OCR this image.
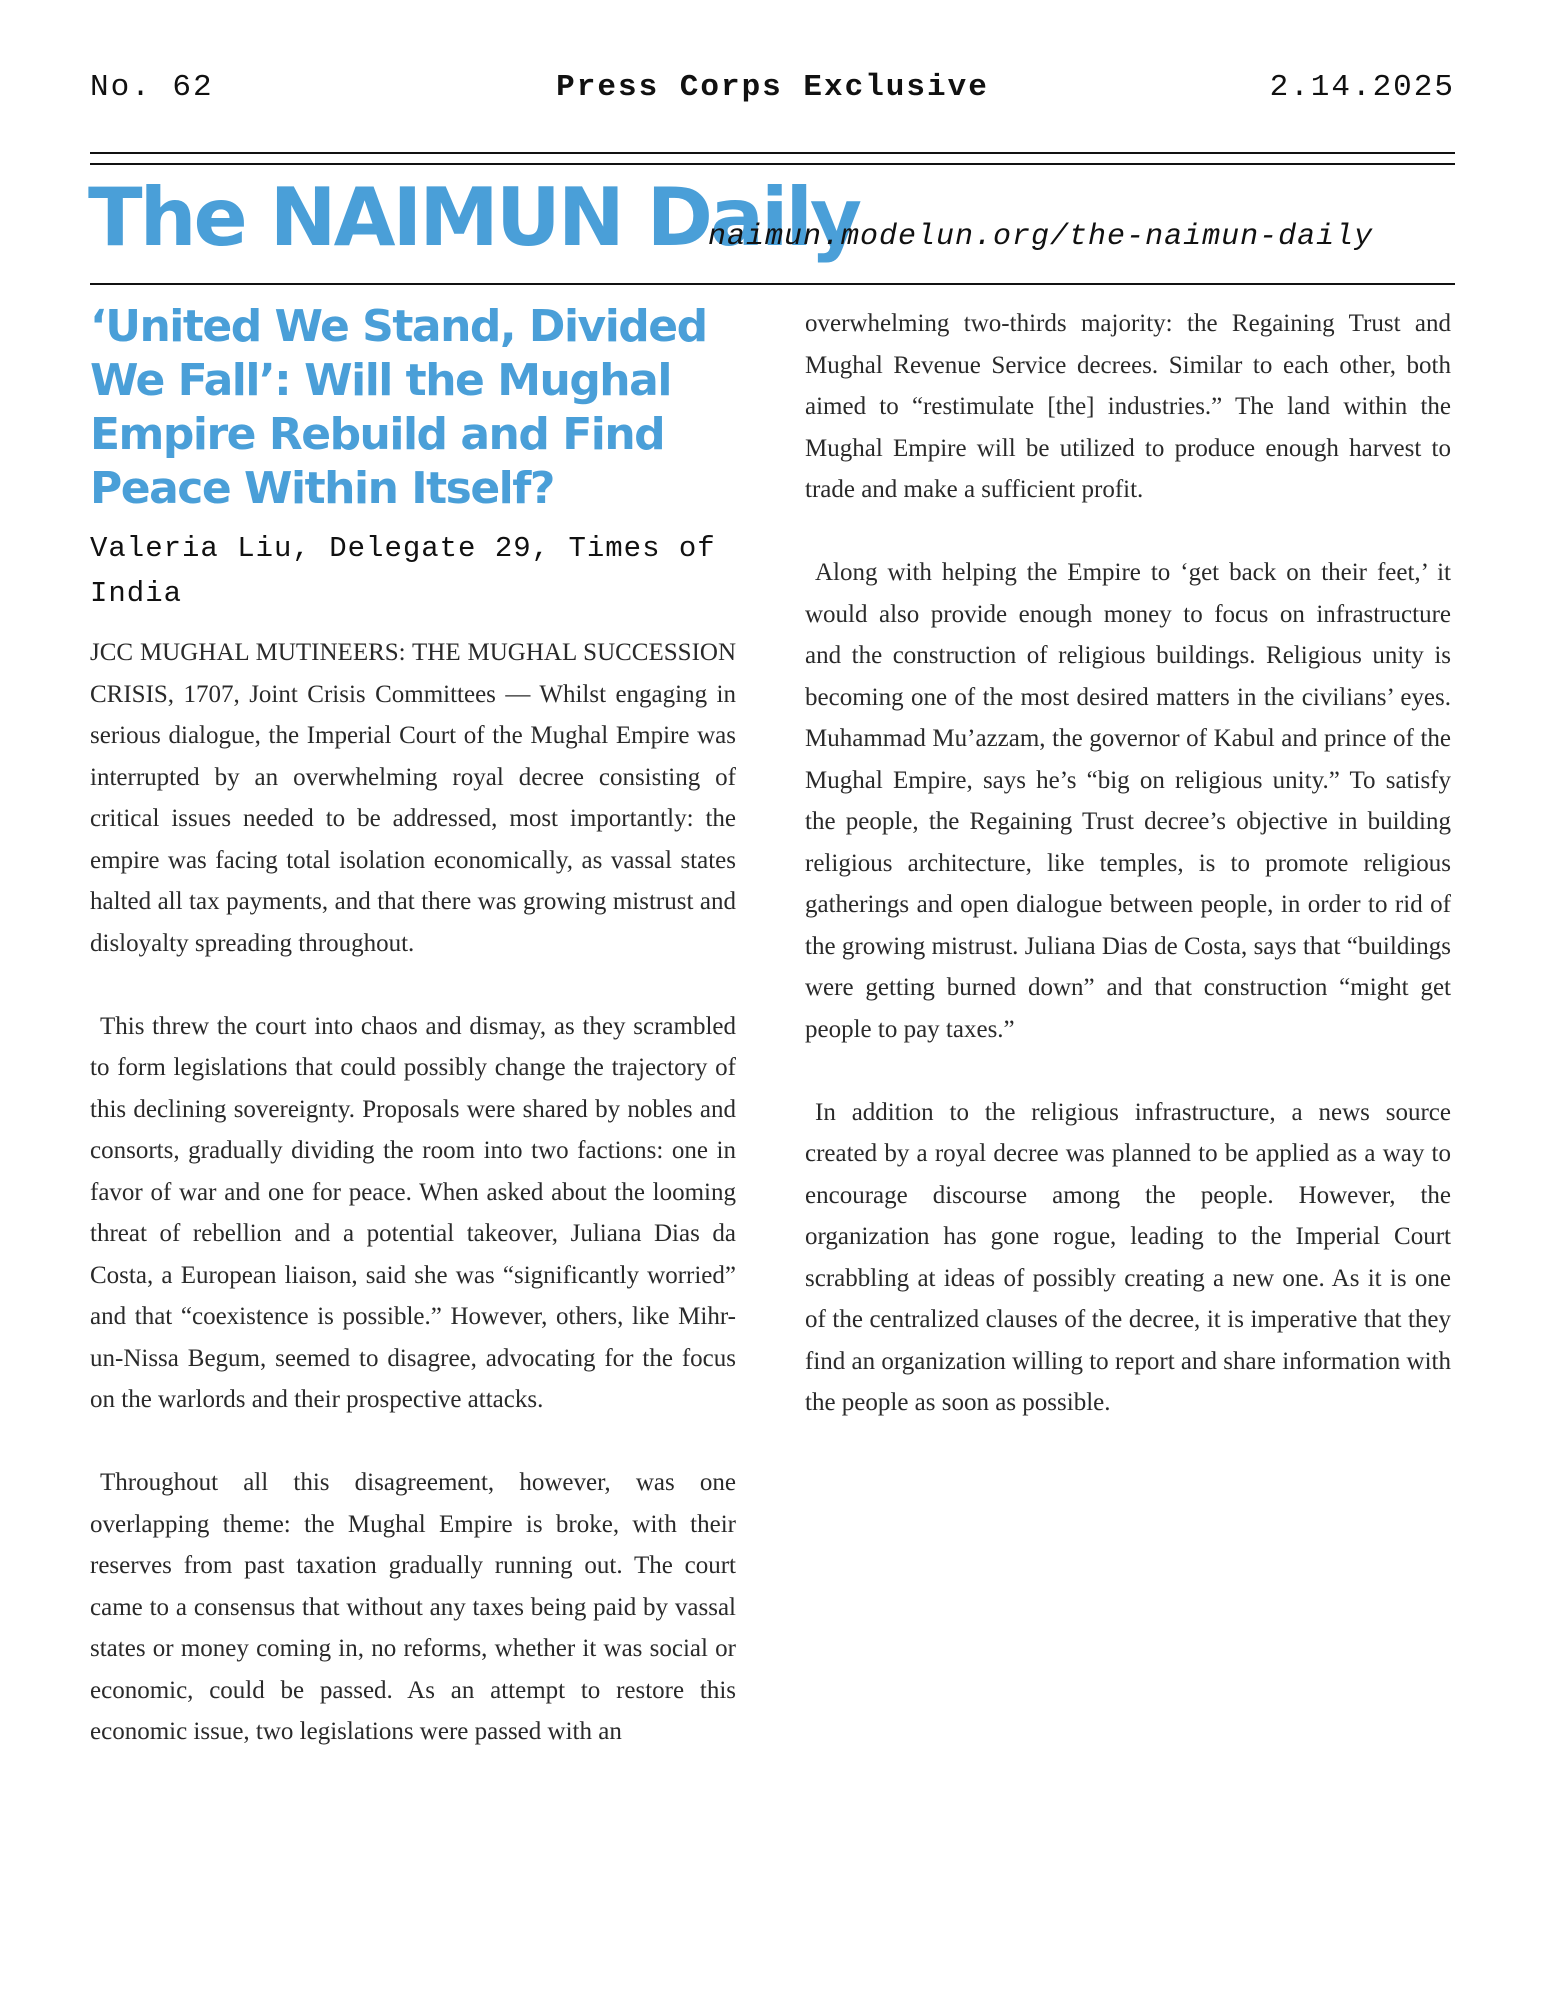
No. 62	Press Corps Exclusive	2.14.2025
The NAIMUN Daily
naimun.modelun.org/the-naimun-daily
‘United We Stand, Divided We Fall’: Will the Mughal Empire Rebuild and Find Peace Within Itself?
Valeria Liu, Delegate 29, Times of India

JCC MUGHAL MUTINEERS: THE MUGHAL SUCCESSION CRISIS, 1707, Joint Crisis Committees — Whilst engaging in serious dialogue, the Imperial Court of the Mughal Empire was interrupted by an overwhelming royal decree consisting of critical issues needed to be addressed, most importantly: the empire was facing total isolation economically, as vassal states halted all tax payments, and that there was growing mistrust and disloyalty spreading throughout.

This threw the court into chaos and dismay, as they scrambled to form legislations that could possibly change the trajectory of this declining sovereignty. Proposals were shared by nobles and consorts, gradually dividing the room into two factions: one in favor of war and one for peace. When asked about the looming threat of rebellion and a potential takeover, Juliana Dias da Costa, a European liaison, said she was “significantly worried” and that “coexistence is possible.” However, others, like Mihr-un-Nissa Begum, seemed to disagree, advocating for the focus on the warlords and their prospective attacks.

Throughout all this disagreement, however, was one overlapping theme: the Mughal Empire is broke, with their reserves from past taxation gradually running out. The court came to a consensus that without any taxes being paid by vassal states or money coming in, no reforms, whether it was social or economic, could be passed. As an attempt to restore this economic issue, two legislations were passed with an

overwhelming two-thirds majority: the Regaining Trust and Mughal Revenue Service decrees. Similar to each other, both aimed to “restimulate [the] industries.” The land within the Mughal Empire will be utilized to produce enough harvest to trade and make a sufficient profit.

Along with helping the Empire to ‘get back on their feet,’ it would also provide enough money to focus on infrastructure and the construction of religious buildings. Religious unity is becoming one of the most desired matters in the civilians’ eyes. Muhammad Mu’azzam, the governor of Kabul and prince of the Mughal Empire, says he’s “big on religious unity.” To satisfy the people, the Regaining Trust decree’s objective in building religious architecture, like temples, is to promote religious gatherings and open dialogue between people, in order to rid of the growing mistrust. Juliana Dias de Costa, says that “buildings were getting burned down” and that construction “might get people to pay taxes.”

In addition to the religious infrastructure, a news source created by a royal decree was planned to be applied as a way to encourage discourse among the people. However, the organization has gone rogue, leading to the Imperial Court scrabbling at ideas of possibly creating a new one. As it is one of the centralized clauses of the decree, it is imperative that they find an organization willing to report and share information with the people as soon as possible.
